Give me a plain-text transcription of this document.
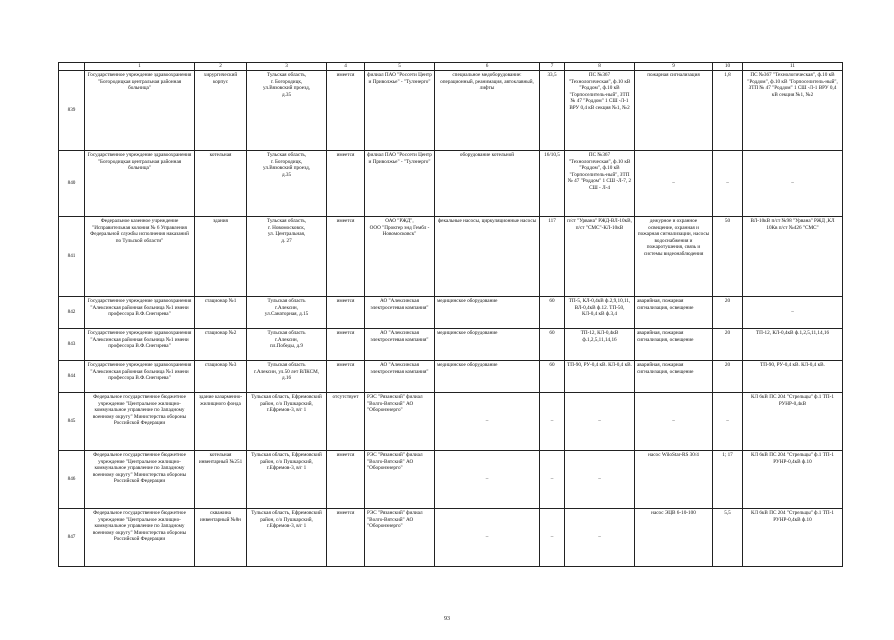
	1	2	3	4	5	6	7	8	9	10	11
839	Государственное учреждение здравоохранения "Богородицкая центральная районная больница"	хирургический корпус	Тульская область,
г. Богородицк,
ул.Вязовский проезд,
д.35	имеется	филиал ПАО "Россети Центр и Приволжье" - "Тулэнерго"	специальное медоборудование: операционный, реанимация, автоклавный, лифты	33,5	ПС №367 "Технологическая", ф.10 кВ "Роддом", ф.10 кВ "Горпоселитель-ный", ЗТП № 47 "Роддом" 1 СШ -Л-1 ВРУ 0,4 кВ секция №1, №2	пожарная сигнализация	1,8	ПС №367 "Технологическая", ф.10 кВ "Роддом", ф.10 кВ "Горпоселитель-ный", ЗТП № 47 "Роддом" 1 СШ -Л-1 ВРУ 0,4 кВ секция №1, №2
840	Государственное учреждение здравоохранения "Богородицкая центральная районная больница"	котельная	Тульская область,
г. Богородицк,
ул.Вязовский проезд,
д.35	имеется	филиал ПАО "Россети Центр и Приволжье" - "Тулэнерго"	оборудование котельной	16/10,5	ПС №367 "Технологическая", ф.10 кВ "Роддом", ф.10 кВ "Горпоселитель-ный", ЗТП № 47 "Роддом" 1 СШ -Л-7, 2 СШ - Л-4	–	–	–
841	Федеральное казенное учреждение "Исправительная колония № 6 Управления Федеральной службы исполнения наказаний по Тульской области"	здания	Тульская область,
г. Новомосковск,
ул. Центральная,
д. 27	имеется	ОАО "РЖД",
ООО "Проктер энд Гембл - Новомосковск"	фекальные насосы, циркуляционные насосы	117	п/ст "Урвана" РЖД-ВЛ-10кВ, п/ст "СМС"-КЛ-10кВ	дежурное и охранное освещение, охранная и пожарная сигнализации, насосы водоснабжения и пожаротушения, связь и системы видеонаблюдения	50	ВЛ-10кВ п/ст №98 "Урвана" РЖД ,КЛ 10Кв п/ст №426 "СМС"
842	Государственное учреждение здравоохранения "Алексинская районная больница №1 имени профессора В.Ф.Снегирева"	стационар №1	Тульская область
г.Алексин,
ул.Санаторная, д.15	имеется	АО "Алексинская электросетевая компания"	медицинское оборудование	60	ТП-5, КЛ-0,4кВ ф.2,9,10,11, ВЛ-0,4кВ ф.12. ТП-50, КЛ-0,4 кВ ф.3,4	аварийная, пожарная сигнализация, освещение	20	–
843	Государственное учреждение здравоохранения "Алексинская районная больница №1 имени профессора В.Ф.Снегирева"	стационар №2	Тульская область
г.Алексин,
пл.Победы, д.9	имеется	АО "Алексинская электросетевая компания"	медицинское оборудование	60	ТП-12, КЛ-0,4кВ ф.1,2,5,11,14,16	аварийная, пожарная сигнализация, освещение	20	ТП-12, КЛ-0,4кВ ф.1,2,5,11,14,16
844	Государственное учреждение здравоохранения "Алексинская районная больница №1 имени профессора В.Ф.Снегирева"	стационар №3	Тульская область
г.Алексин, ул.50 лет ВЛКСМ, д.16	имеется	АО "Алексинская электросетевая компания"	медицинское оборудование	60	ТП-90, РУ-0,4 кВ. КЛ-0,4 кВ.	аварийная, пожарная сигнализация, освещение	20	ТП-90, РУ-0,4 кВ. КЛ-0,4 кВ.
845	Федеральное государственное бюджетное учреждение "Центральное жилищно-коммунальное управление по Западному военному округу" Министерства обороны Российской Федерации	здание казарменно-жилищного фонда	Тульская область, Ефремовский район, с/о Пушкарский, г.Ефремов-3, в/г 1	отсутствует	РЭС "Рязанский" филиал "Волго-Вятский" АО "Оборонэнерго"	–	–	–	–	–	КЛ 6кВ ПС 204 "Стрельцы" ф.1 ТП-1 РУНР-0,4кВ
846	Федеральное государственное бюджетное учреждение "Центральное жилищно-коммунальное управление по Западному военному округу" Министерства обороны Российской Федерации	котельная инвентарный №251	Тульская область, Ефремовский район, с/о Пушкарский, г.Ефремов-3, в/г 1	имеется	РЭС "Рязанский" филиал "Волго-Вятский" АО "Оборонэнерго"	–	–	–	насос WiloStar-RS 30/4	1; 17	КЛ 6кВ ПС 204 "Стрельцы" ф.1 ТП-1 РУНР-0,4кВ ф.10
847	Федеральное государственное бюджетное учреждение "Центральное жилищно-коммунальное управление по Западному военному округу" Министерства обороны Российской Федерации	скважина инвентарный №8н	Тульская область, Ефремовский район, с/о Пушкарский, г.Ефремов-3, в/г 1	имеется	РЭС "Рязанский" филиал "Волго-Вятский" АО "Оборонэнерго"	–	–	–	насос ЭЦВ 6-10-100	5,5	КЛ 6кВ ПС 204 "Стрельцы" ф.1 ТП-1 РУНР-0,4кВ ф.10
93
